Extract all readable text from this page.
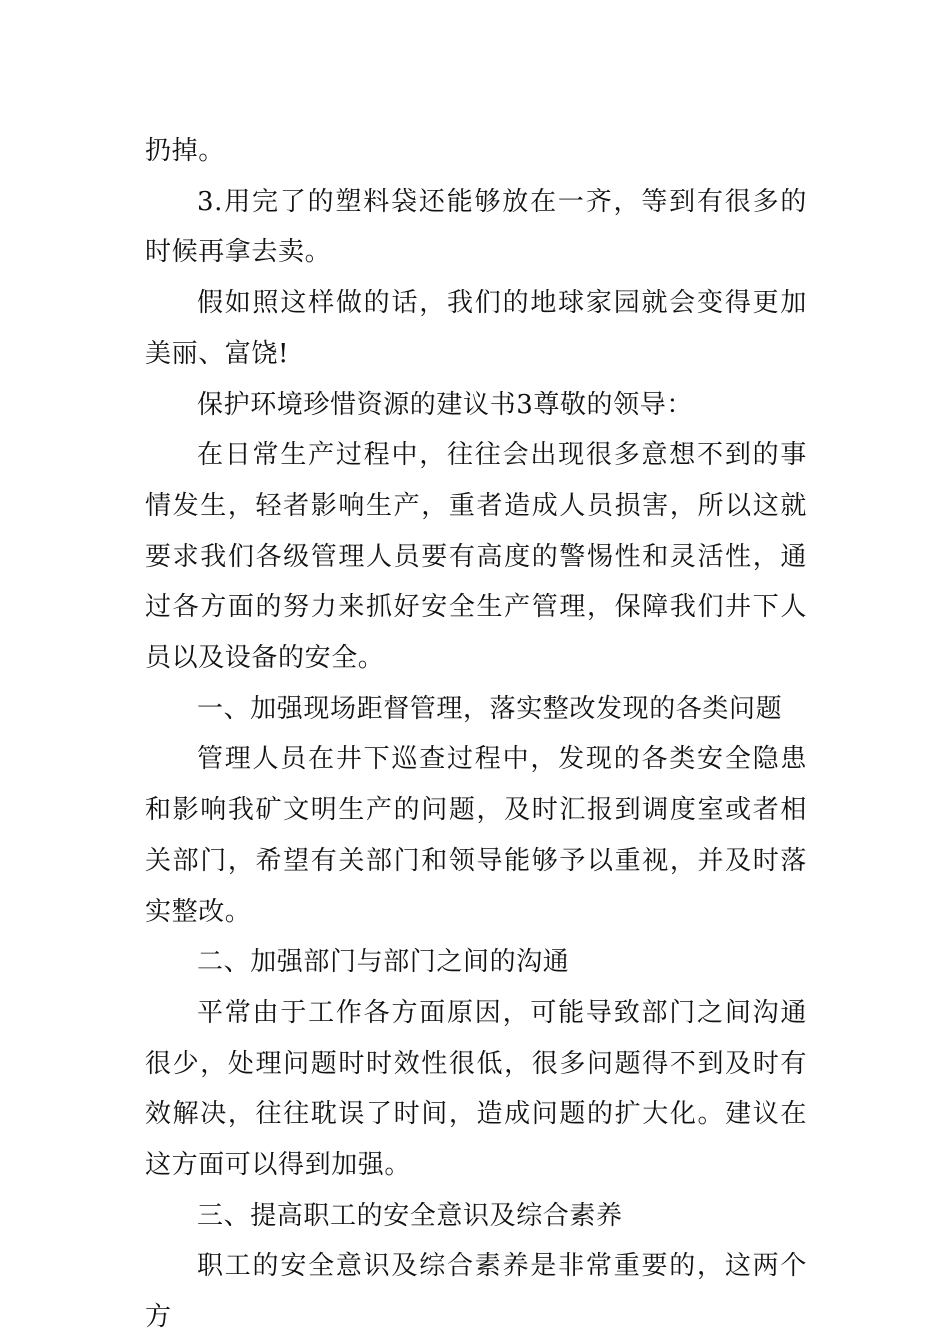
扔掉。

3.用完了的塑料袋还能够放在一齐，等到有很多的时候再拿去卖。

假如照这样做的话，我们的地球家园就会变得更加美丽、富饶!

保护环境珍惜资源的建议书3尊敬的领导：

在日常生产过程中，往往会出现很多意想不到的事情发生，轻者影响生产，重者造成人员损害，所以这就要求我们各级管理人员要有高度的警惕性和灵活性，通过各方面的努力来抓好安全生产管理，保障我们井下人员以及设备的安全。

一、加强现场距督管理，落实整改发现的各类问题

管理人员在井下巡查过程中，发现的各类安全隐患和影响我矿文明生产的问题，及时汇报到调度室或者相关部门，希望有关部门和领导能够予以重视，并及时落实整改。

二、加强部门与部门之间的沟通

平常由于工作各方面原因，可能导致部门之间沟通很少，处理问题时时效性很低，很多问题得不到及时有效解决，往往耽误了时间，造成问题的扩大化。建议在这方面可以得到加强。

三、提高职工的安全意识及综合素养

职工的安全意识及综合素养是非常重要的，这两个方
